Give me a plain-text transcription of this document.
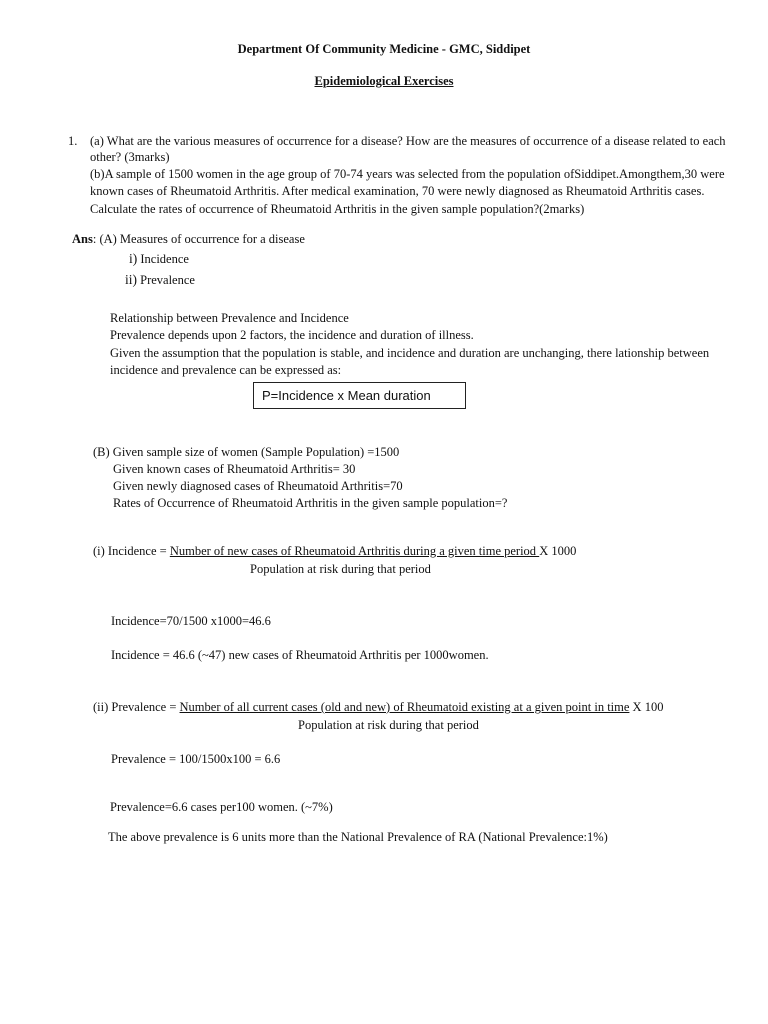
Department Of Community Medicine - GMC, Siddipet
Epidemiological Exercises
1. (a) What are the various measures of occurrence for a disease? How are the measures of occurrence of a disease related to each
other? (3marks)
(b)A sample of 1500 women in the age group of 70-74 years was selected from the population ofSiddipet.Amongthem,30 were
known cases of Rheumatoid Arthritis. After medical examination, 70 were newly diagnosed as Rheumatoid Arthritis cases.
Calculate the rates of occurrence of Rheumatoid Arthritis in the given sample population?(2marks)
Ans: (A) Measures of occurrence for a disease
i) Incidence
ii) Prevalence
Relationship between Prevalence and Incidence
Prevalence depends upon 2 factors, the incidence and duration of illness.
Given the assumption that the population is stable, and incidence and duration are unchanging, there lationship between
incidence and prevalence can be expressed as:
P=Incidence x Mean duration
(B) Given sample size of women (Sample Population) =1500
Given known cases of Rheumatoid Arthritis= 30
Given newly diagnosed cases of Rheumatoid Arthritis=70
Rates of Occurrence of Rheumatoid Arthritis in the given sample population=?
(i) Incidence = Number of new cases of Rheumatoid Arthritis during a given time period X 1000
Population at risk during that period
Incidence=70/1500 x1000=46.6
Incidence = 46.6 (~47) new cases of Rheumatoid Arthritis per 1000women.
(ii) Prevalence = Number of all current cases (old and new) of Rheumatoid existing at a given point in time X 100
Population at risk during that period
Prevalence = 100/1500x100 = 6.6
Prevalence=6.6 cases per100 women. (~7%)
The above prevalence is 6 units more than the National Prevalence of RA (National Prevalence:1%)
